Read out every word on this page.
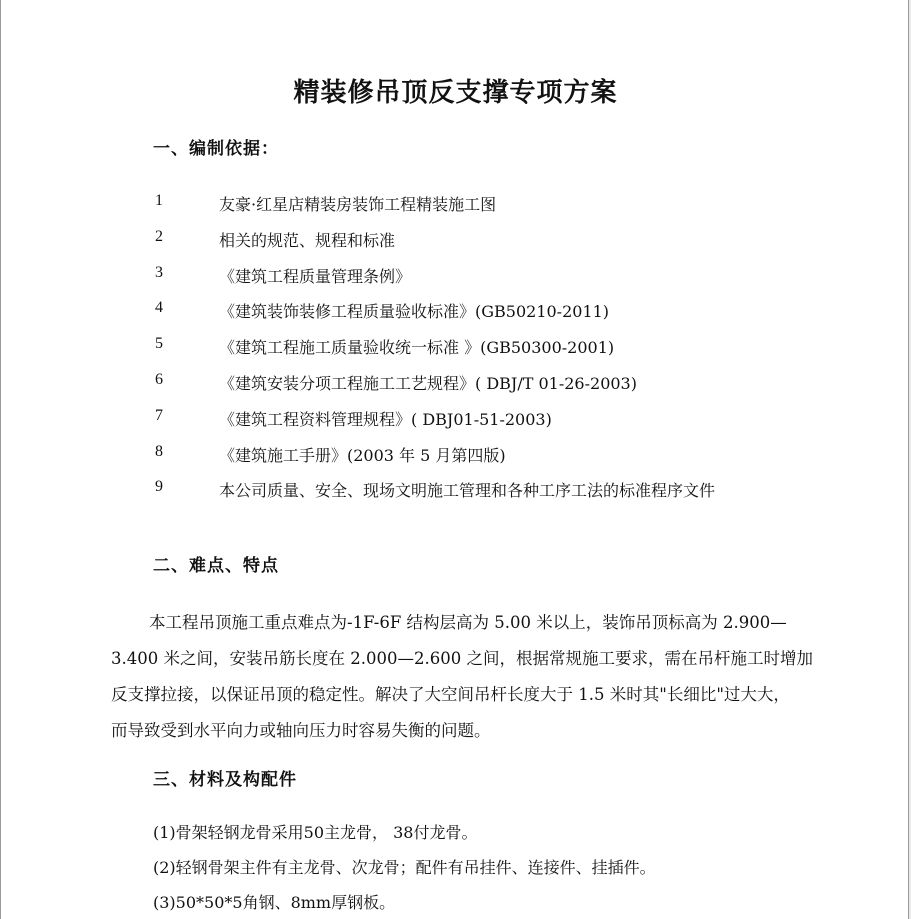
精装修吊顶反支撑专项方案
一、编制依据：
1	友豪·红星店精装房装饰工程精装施工图
2	相关的规范、规程和标准
3	《建筑工程质量管理条例》
4	《建筑装饰装修工程质量验收标准》(GB50210-2011)
5	《建筑工程施工质量验收统一标准 》(GB50300-2001)
6	《建筑安装分项工程施工工艺规程》( DBJ/T 01-26-2003)
7	《建筑工程资料管理规程》( DBJ01-51-2003)
8	《建筑施工手册》(2003 年 5 月第四版)
9	本公司质量、安全、现场文明施工管理和各种工序工法的标准程序文件
二、难点、特点
本工程吊顶施工重点难点为-1F-6F 结构层高为 5.00 米以上，装饰吊顶标高为 2.900—
3.400 米之间，安装吊筋长度在 2.000—2.600 之间，根据常规施工要求，需在吊杆施工时增加
反支撑拉接，以保证吊顶的稳定性。解决了大空间吊杆长度大于 1.5 米时其"长细比"过大大，
而导致受到水平向力或轴向压力时容易失衡的问题。
三、材料及构配件
(1)骨架轻钢龙骨采用50主龙骨， 38付龙骨。
(2)轻钢骨架主件有主龙骨、次龙骨；配件有吊挂件、连接件、挂插件。
(3)50*50*5角钢、8mm厚钢板。
